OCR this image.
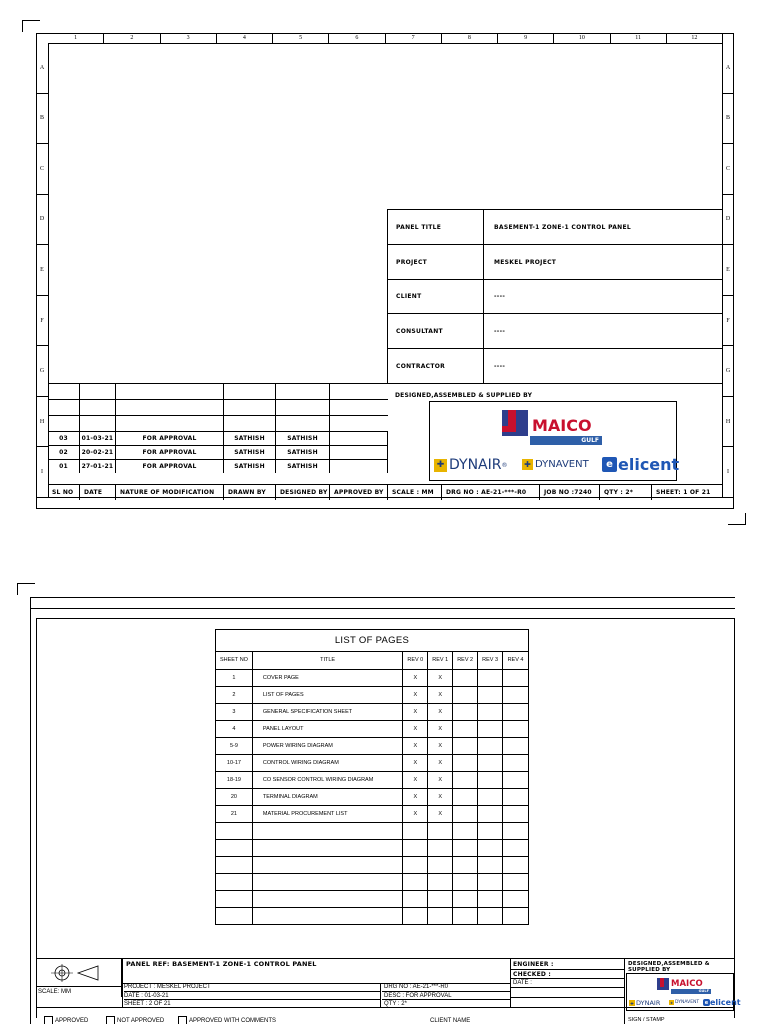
1	2	3	4	5	6	7	8	9	10	11	12
A
B
C
D
E
F
G
H
I
A
B
C
D
E
F
G
H
I
PANEL TITLE	BASEMENT-1 ZONE-1 CONTROL PANEL
PROJECT	MESKEL PROJECT
CLIENT	----
CONSULTANT	----
CONTRACTOR	----
DESIGNED,ASSEMBLED & SUPPLIED BY
MAICO
GULF
✚ DYNAIR ® ✚ DYNAVENT	e elicent
03	01-03-21	FOR APPROVAL	SATHISH	SATHISH
02	20-02-21	FOR APPROVAL	SATHISH	SATHISH
01	27-01-21	FOR APPROVAL	SATHISH	SATHISH
SL NO	DATE	NATURE OF MODIFICATION	DRAWN BY	DESIGNED BY	APPROVED BY	SCALE : MM	DRG NO : AE-21-***-R0	JOB NO :7240	QTY : 2*	SHEET: 1 OF 21
LIST OF PAGES						
SHEET NO	TITLE	REV 0	REV 1	REV 2	REV 3	REV 4
1	COVER PAGE	X	X			
2	LIST OF PAGES	X	X			
3	GENERAL SPECIFICATION SHEET	X	X			
4	PANEL LAYOUT	X	X			
5-9	POWER WIRING DIAGRAM	X	X			
10-17	CONTROL WIRING DIAGRAM	X	X			
18-19	CO SENSOR CONTROL WIRING DIAGRAM	X	X			
20	TERMINAL DIAGRAM	X	X			
21	MATERIAL PROCUREMENT LIST	X	X			

SCALE: MM
PANEL REF: BASEMENT-1 ZONE-1 CONTROL PANEL
PROJECT : MESKEL PROJECT
DATE : 01-03-21
SHEET : 2 OF 21
DRG NO : AE-21-***-R0
DESC : FOR APPROVAL
QTY : 2*
ENGINEER :
CHECKED :
DATE :
DESIGNED,ASSEMBLED & SUPPLIED BY
MAICO
GULF
✚ DYNAIR	✚ DYNAVENT	e elicent
SIGN / STAMP
APPROVED	NOT APPROVED	APPROVED WITH COMMENTS	CLIENT NAME
